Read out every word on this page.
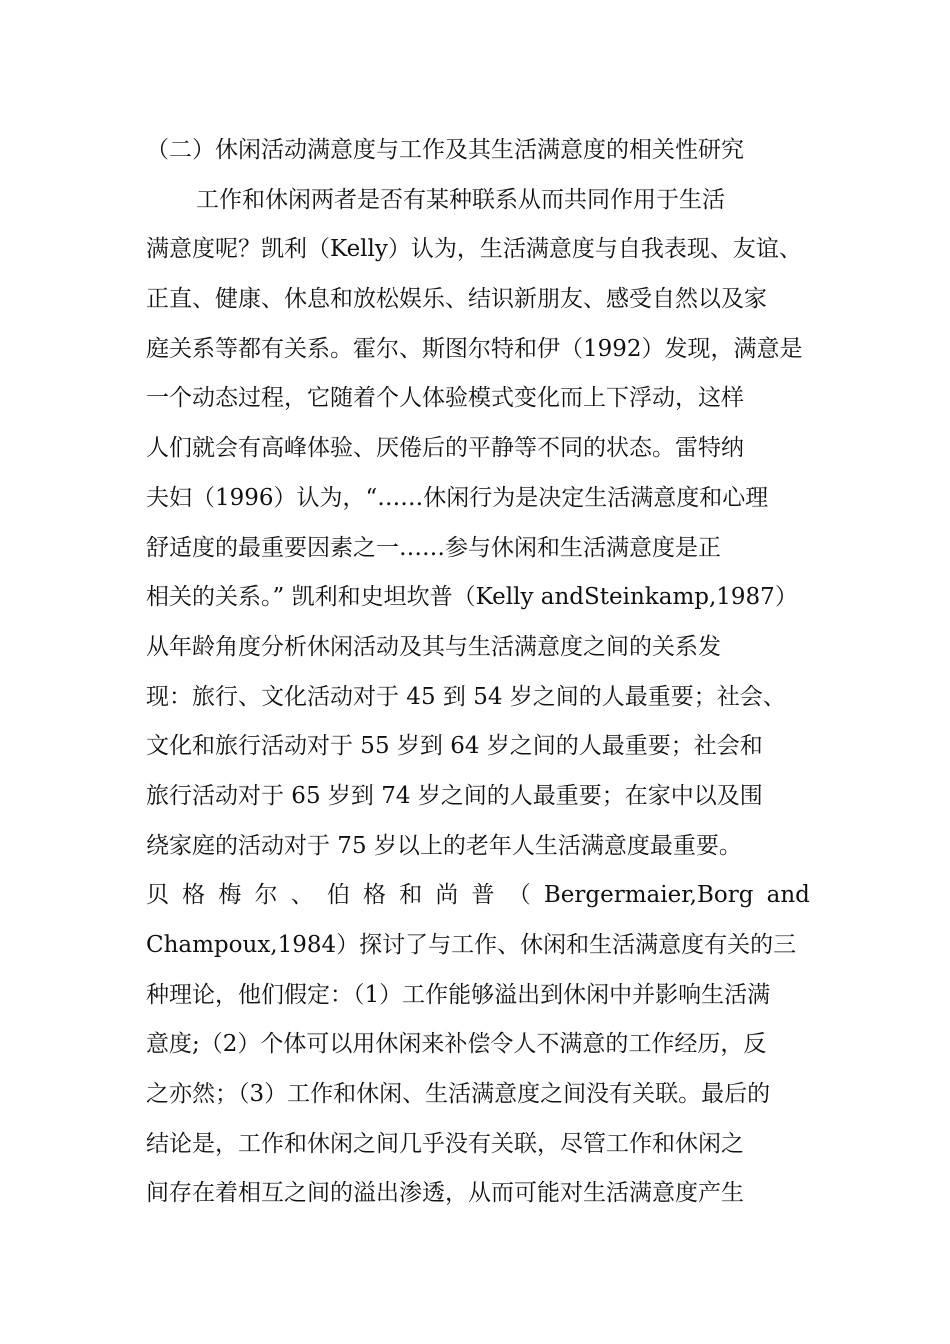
（二）休闲活动满意度与工作及其生活满意度的相关性研究
工作和休闲两者是否有某种联系从而共同作用于生活
满意度呢？凯利（Kelly）认为，生活满意度与自我表现、友谊、
正直、健康、休息和放松娱乐、结识新朋友、感受自然以及家
庭关系等都有关系。霍尔、斯图尔特和伊（1992）发现，满意是
一个动态过程，它随着个人体验模式变化而上下浮动，这样
人们就会有高峰体验、厌倦后的平静等不同的状态。雷特纳
夫妇（1996）认为，“……休闲行为是决定生活满意度和心理
舒适度的最重要因素之一……参与休闲和生活满意度是正
相关的关系。” 凯利和史坦坎普（Kelly andSteinkamp,1987）
从年龄角度分析休闲活动及其与生活满意度之间的关系发
现：旅行、文化活动对于 45 到 54 岁之间的人最重要；社会、
文化和旅行活动对于 55 岁到 64 岁之间的人最重要；社会和
旅行活动对于 65 岁到 74 岁之间的人最重要；在家中以及围
绕家庭的活动对于 75 岁以上的老年人生活满意度最重要。
贝 格 梅 尔 、 伯 格 和 尚 普 （ Bergermaier,Borg and
Champoux,1984）探讨了与工作、休闲和生活满意度有关的三
种理论，他们假定：（1）工作能够溢出到休闲中并影响生活满
意度;（2）个体可以用休闲来补偿令人不满意的工作经历，反
之亦然；（3）工作和休闲、生活满意度之间没有关联。最后的
结论是，工作和休闲之间几乎没有关联，尽管工作和休闲之
间存在着相互之间的溢出渗透，从而可能对生活满意度产生
